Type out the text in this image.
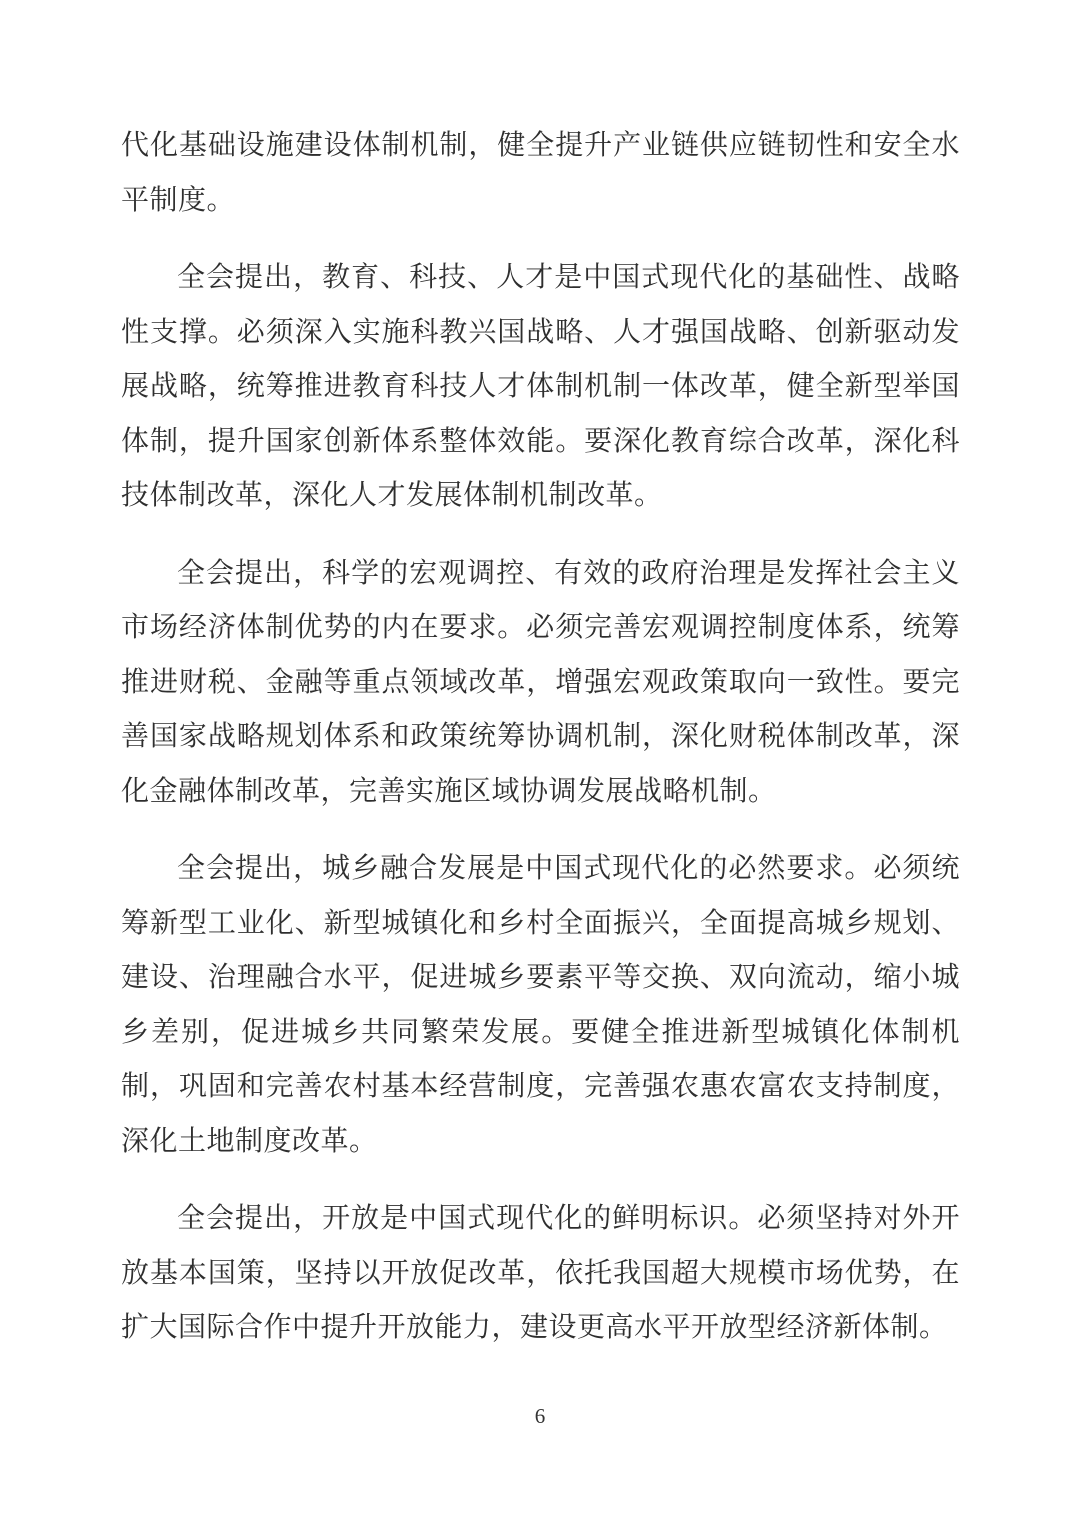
代化基础设施建设体制机制，健全提升产业链供应链韧性和安全水平制度。

全会提出，教育、科技、人才是中国式现代化的基础性、战略性支撑。必须深入实施科教兴国战略、人才强国战略、创新驱动发展战略，统筹推进教育科技人才体制机制一体改革，健全新型举国体制，提升国家创新体系整体效能。要深化教育综合改革，深化科技体制改革，深化人才发展体制机制改革。

全会提出，科学的宏观调控、有效的政府治理是发挥社会主义市场经济体制优势的内在要求。必须完善宏观调控制度体系，统筹推进财税、金融等重点领域改革，增强宏观政策取向一致性。要完善国家战略规划体系和政策统筹协调机制，深化财税体制改革，深化金融体制改革，完善实施区域协调发展战略机制。

全会提出，城乡融合发展是中国式现代化的必然要求。必须统筹新型工业化、新型城镇化和乡村全面振兴，全面提高城乡规划、建设、治理融合水平，促进城乡要素平等交换、双向流动，缩小城乡差别，促进城乡共同繁荣发展。要健全推进新型城镇化体制机制，巩固和完善农村基本经营制度，完善强农惠农富农支持制度，深化土地制度改革。

全会提出，开放是中国式现代化的鲜明标识。必须坚持对外开放基本国策，坚持以开放促改革，依托我国超大规模市场优势，在扩大国际合作中提升开放能力，建设更高水平开放型经济新体制。

6
